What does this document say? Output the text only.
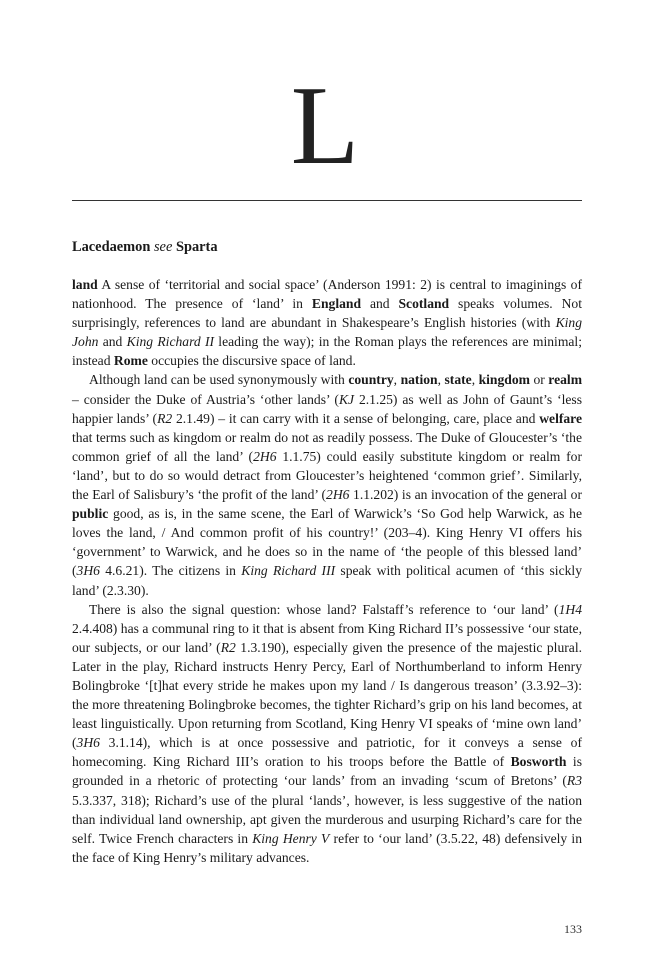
L
Lacedaemon see Sparta

land A sense of ‘territorial and social space’ (Anderson 1991: 2) is central to imaginings of nationhood. The presence of ‘land’ in England and Scotland speaks volumes. Not surprisingly, references to land are abundant in Shakespeare’s English histories (with King John and King Richard II leading the way); in the Roman plays the references are minimal; instead Rome occupies the discursive space of land.

Although land can be used synonymously with country, nation, state, kingdom or realm – consider the Duke of Austria’s ‘other lands’ (KJ 2.1.25) as well as John of Gaunt’s ‘less happier lands’ (R2 2.1.49) – it can carry with it a sense of belonging, care, place and welfare that terms such as kingdom or realm do not as readily possess. The Duke of Gloucester’s ‘the common grief of all the land’ (2H6 1.1.75) could easily substitute kingdom or realm for ‘land’, but to do so would detract from Gloucester’s heightened ‘common grief’. Similarly, the Earl of Salisbury’s ‘the profit of the land’ (2H6 1.1.202) is an invocation of the general or public good, as is, in the same scene, the Earl of Warwick’s ‘So God help Warwick, as he loves the land, / And common profit of his country!’ (203–4). King Henry VI offers his ‘government’ to Warwick, and he does so in the name of ‘the people of this blessed land’ (3H6 4.6.21). The citizens in King Richard III speak with political acumen of ‘this sickly land’ (2.3.30).

There is also the signal question: whose land? Falstaff’s reference to ‘our land’ (1H4 2.4.408) has a communal ring to it that is absent from King Richard II’s possessive ‘our state, our subjects, or our land’ (R2 1.3.190), especially given the presence of the majestic plural. Later in the play, Richard instructs Henry Percy, Earl of Northumberland to inform Henry Bolingbroke ‘[t]hat every stride he makes upon my land / Is dangerous treason’ (3.3.92–3): the more threatening Bolingbroke becomes, the tighter Richard’s grip on his land becomes, at least linguistically. Upon returning from Scotland, King Henry VI speaks of ‘mine own land’ (3H6 3.1.14), which is at once possessive and patriotic, for it conveys a sense of homecoming. King Richard III’s oration to his troops before the Battle of Bosworth is grounded in a rhetoric of protecting ‘our lands’ from an invading ‘scum of Bretons’ (R3 5.3.337, 318); Richard’s use of the plural ‘lands’, however, is less suggestive of the nation than individual land ownership, apt given the murderous and usurping Richard’s care for the self. Twice French characters in King Henry V refer to ‘our land’ (3.5.22, 48) defensively in the face of King Henry’s military advances.

133
